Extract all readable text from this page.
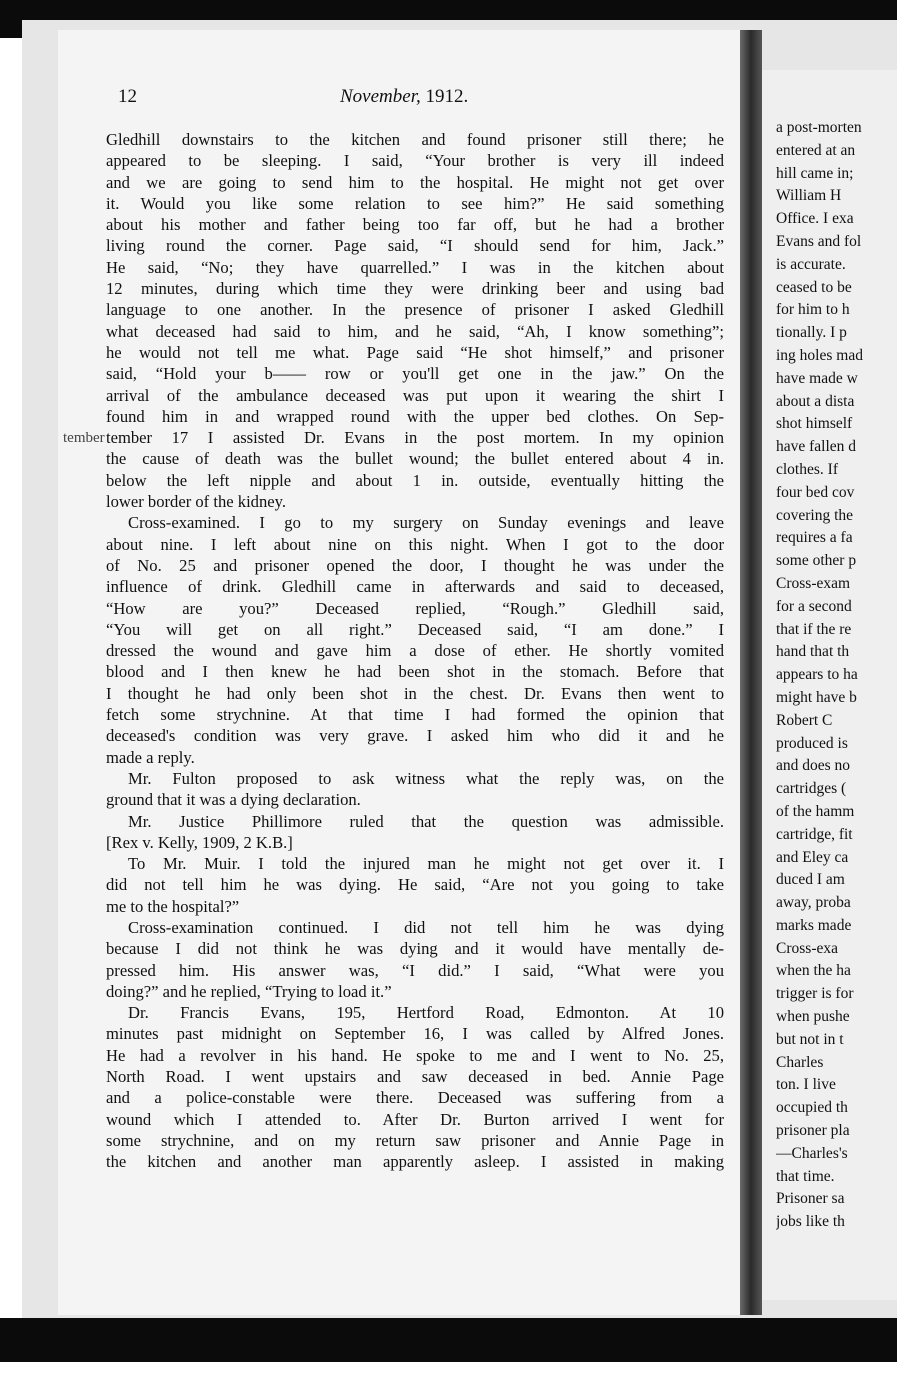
12	November, 1912.
tember
Gledhill downstairs to the kitchen and found prisoner still there; he
appeared to be sleeping. I said, “Your brother is very ill indeed
and we are going to send him to the hospital. He might not get over
it. Would you like some relation to see him?” He said something
about his mother and father being too far off, but he had a brother
living round the corner. Page said, “I should send for him, Jack.”
He said, “No; they have quarrelled.” I was in the kitchen about
12 minutes, during which time they were drinking beer and using bad
language to one another. In the presence of prisoner I asked Gledhill
what deceased had said to him, and he said, “Ah, I know something”;
he would not tell me what. Page said “He shot himself,” and prisoner
said, “Hold your b—— row or you'll get one in the jaw.” On the
arrival of the ambulance deceased was put upon it wearing the shirt I
found him in and wrapped round with the upper bed clothes. On Sep-
tember 17 I assisted Dr. Evans in the post mortem. In my opinion
the cause of death was the bullet wound; the bullet entered about 4 in.
below the left nipple and about 1 in. outside, eventually hitting the
lower border of the kidney.
Cross-examined. I go to my surgery on Sunday evenings and leave
about nine. I left about nine on this night. When I got to the door
of No. 25 and prisoner opened the door, I thought he was under the
influence of drink. Gledhill came in afterwards and said to deceased,
“How are you?” Deceased replied, “Rough.” Gledhill said,
“You will get on all right.” Deceased said, “I am done.” I
dressed the wound and gave him a dose of ether. He shortly vomited
blood and I then knew he had been shot in the stomach. Before that
I thought he had only been shot in the chest. Dr. Evans then went to
fetch some strychnine. At that time I had formed the opinion that
deceased's condition was very grave. I asked him who did it and he
made a reply.
Mr. Fulton proposed to ask witness what the reply was, on the
ground that it was a dying declaration.
Mr. Justice Phillimore ruled that the question was admissible.
[Rex v. Kelly, 1909, 2 K.B.]
To Mr. Muir. I told the injured man he might not get over it. I
did not tell him he was dying. He said, “Are not you going to take
me to the hospital?”
Cross-examination continued. I did not tell him he was dying
because I did not think he was dying and it would have mentally de-
pressed him. His answer was, “I did.” I said, “What were you
doing?” and he replied, “Trying to load it.”
Dr. Francis Evans, 195, Hertford Road, Edmonton. At 10
minutes past midnight on September 16, I was called by Alfred Jones.
He had a revolver in his hand. He spoke to me and I went to No. 25,
North Road. I went upstairs and saw deceased in bed. Annie Page
and a police-constable were there. Deceased was suffering from a
wound which I attended to. After Dr. Burton arrived I went for
some strychnine, and on my return saw prisoner and Annie Page in
the kitchen and another man apparently asleep. I assisted in making
a post-morten
entered at an
hill came in;
William H
Office. I exa
Evans and fol
is accurate.
ceased to be
for him to h
tionally. I p
ing holes mad
have made w
about a dista
shot himself
have fallen d
clothes. If
four bed cov
covering the
requires a fa
some other p
Cross-exam
for a second
that if the re
hand that th
appears to ha
might have b
Robert C
produced is
and does no
cartridges (
of the hamm
cartridge, fit
and Eley ca
duced I am
away, proba
marks made
Cross-exa
when the ha
trigger is for
when pushe
but not in t
Charles
ton. I live
occupied th
prisoner pla
—Charles's
that time.
Prisoner sa
jobs like th
